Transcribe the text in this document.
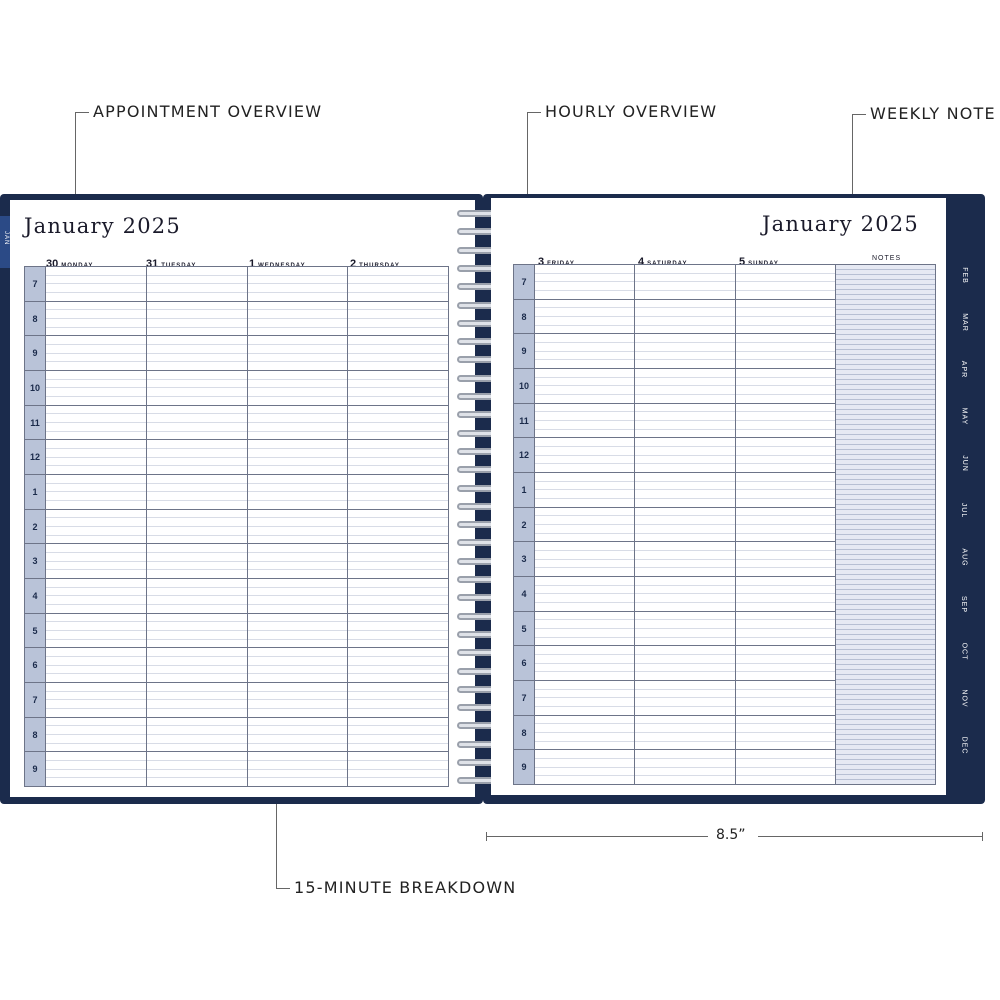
APPOINTMENT OVERVIEW	HOURLY OVERVIEW	WEEKLY NOTE
15-MINUTE BREAKDOWN
JAN
January 2025
30 MONDAY	31 TUESDAY	1 WEDNESDAY	2 THURSDAY
7
8
9
10
11
12
1
2
3
4
5
6
7
8
9
January 2025
3 FRIDAY	4 SATURDAY	5 SUNDAY
NOTES
7
8
9
10
11
12
1
2
3
4
5
6
7
8
9
FEB
MAR
APR
MAY
JUN
JUL
AUG
SEP
OCT
NOV
DEC
8.5”
